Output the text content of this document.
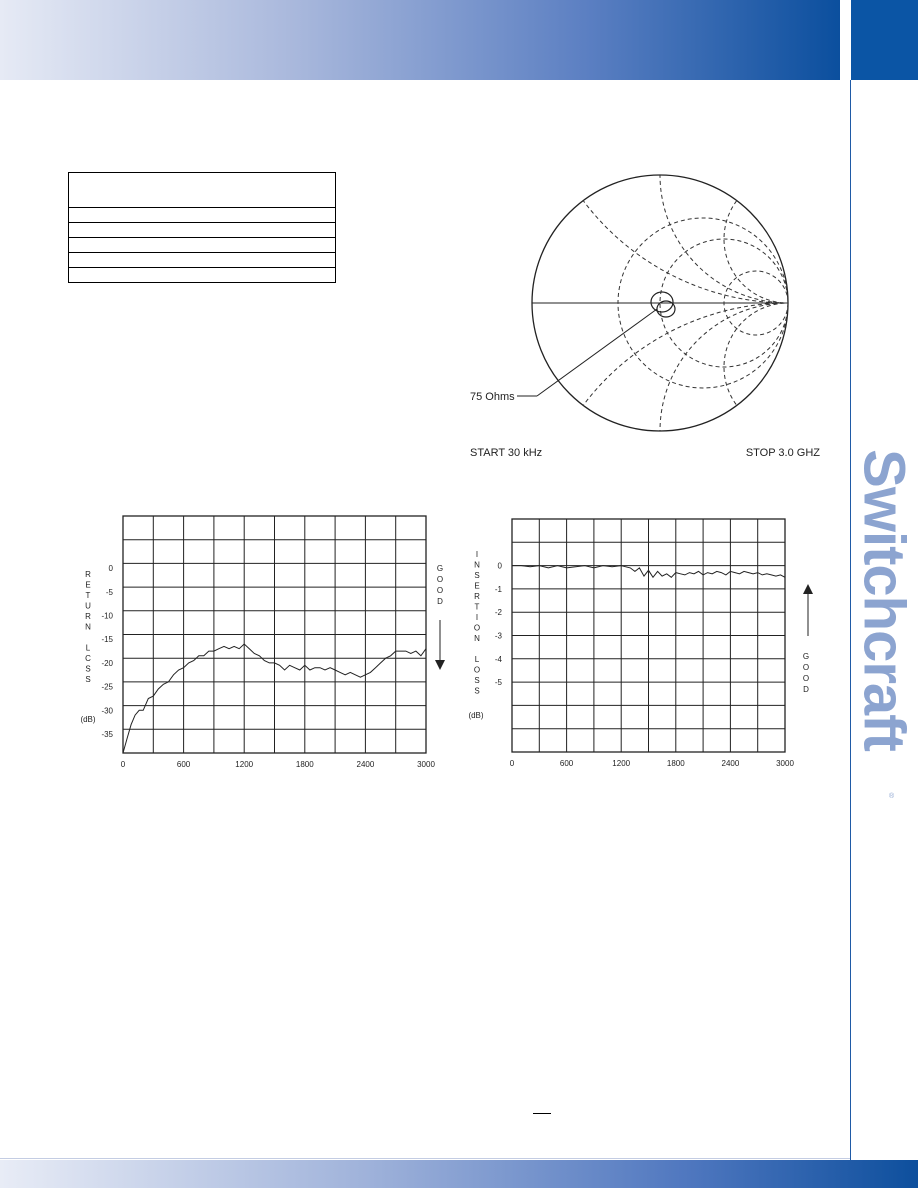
Switchcraft
®

75 Ohms
START 30 kHz	STOP 3.0 GHZ
0	600	1200	1800	2400	3000
0
-5
-10
-15
-20
-25
-30
-35
R
E
T
U
R
N
L
C
S
S
G
O
O
D
(dB)
0	600	1200	1800	2400	3000
0
-1
-2
-3
-4
-5
I
N
S
E
R
T
I
O
N
L
O
S
S
G
O
O
D
(dB)
